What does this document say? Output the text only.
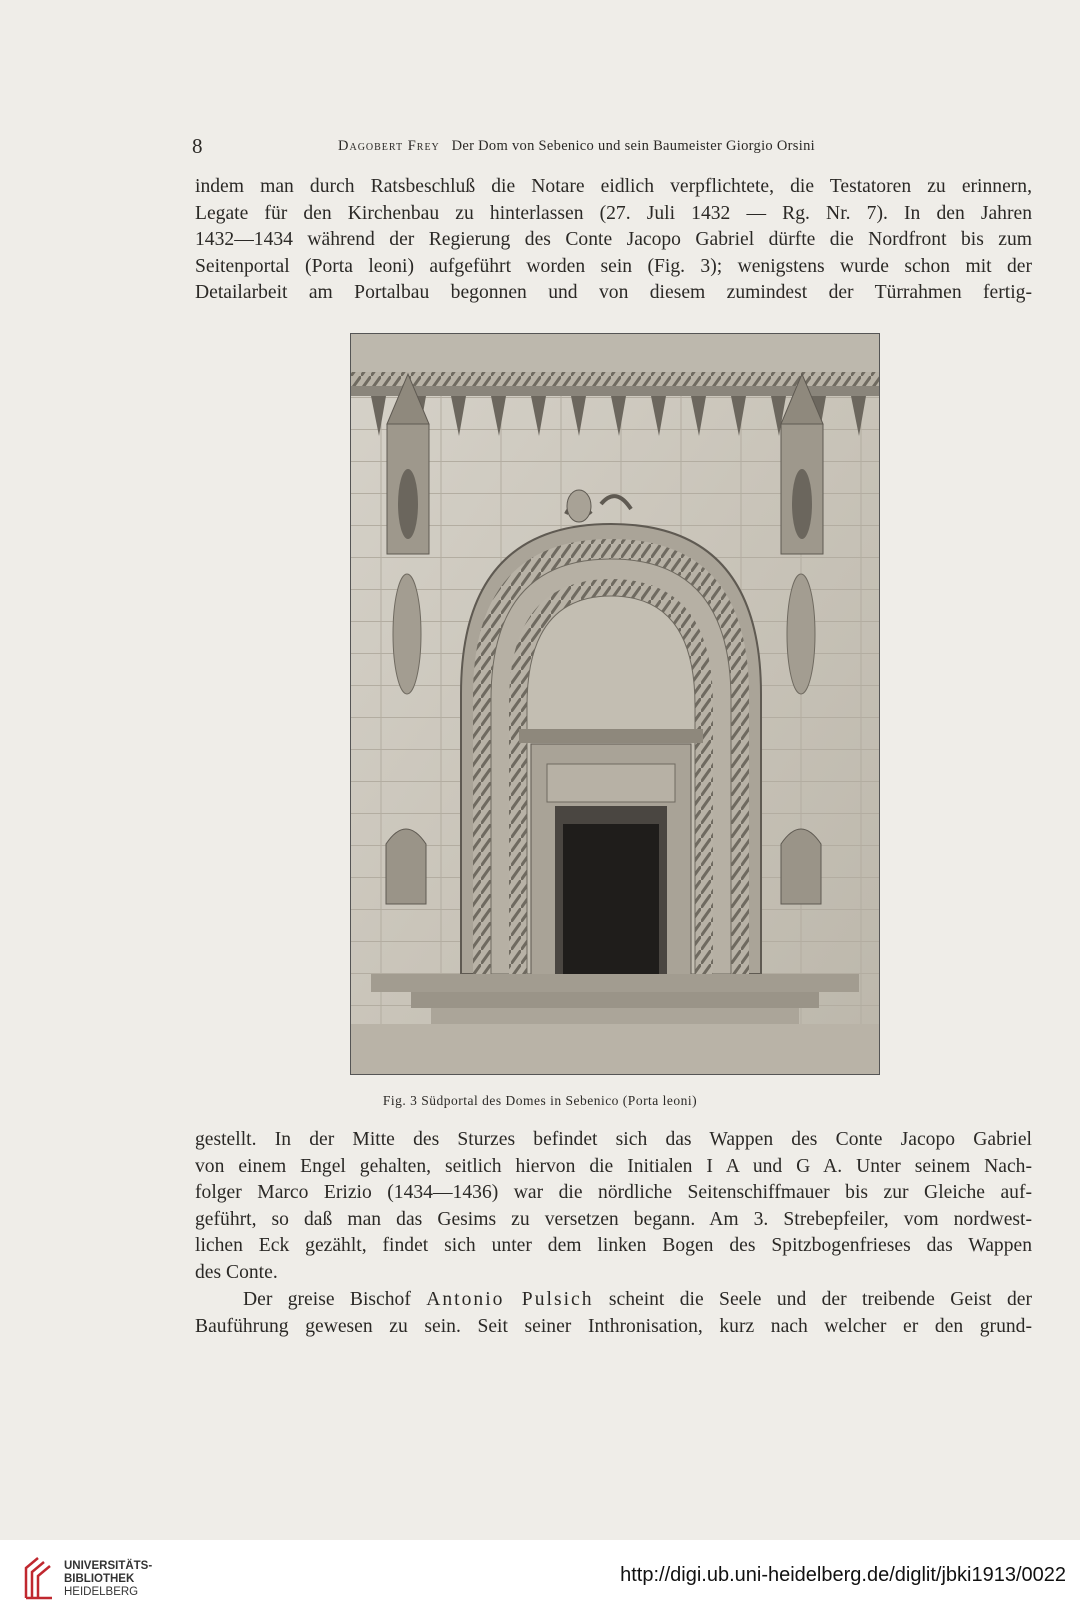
8	Dagobert Frey Der Dom von Sebenico und sein Baumeister Giorgio Orsini
indem man durch Ratsbeschluß die Notare eidlich verpflichtete, die Testatoren zu erinnern,
Legate für den Kirchenbau zu hinterlassen (27. Juli 1432 — Rg. Nr. 7). In den Jahren
1432—1434 während der Regierung des Conte Jacopo Gabriel dürfte die Nordfront bis zum
Seitenportal (Porta leoni) aufgeführt worden sein (Fig. 3); wenigstens wurde schon mit der
Detailarbeit am Portalbau begonnen und von diesem zumindest der Türrahmen fertig-
Fig. 3 Südportal des Domes in Sebenico (Porta leoni)
gestellt. In der Mitte des Sturzes befindet sich das Wappen des Conte Jacopo Gabriel
von einem Engel gehalten, seitlich hiervon die Initialen I A und G A. Unter seinem Nach-
folger Marco Erizio (1434—1436) war die nördliche Seitenschiffmauer bis zur Gleiche auf-
geführt, so daß man das Gesims zu versetzen begann. Am 3. Strebepfeiler, vom nordwest-
lichen Eck gezählt, findet sich unter dem linken Bogen des Spitzbogenfrieses das Wappen
des Conte.
Der greise Bischof Antonio Pulsich scheint die Seele und der treibende Geist der
Bauführung gewesen zu sein. Seit seiner Inthronisation, kurz nach welcher er den grund-
UNIVERSITÄTS-
BIBLIOTHEK
HEIDELBERG
http://digi.ub.uni-heidelberg.de/diglit/jbki1913/0022
